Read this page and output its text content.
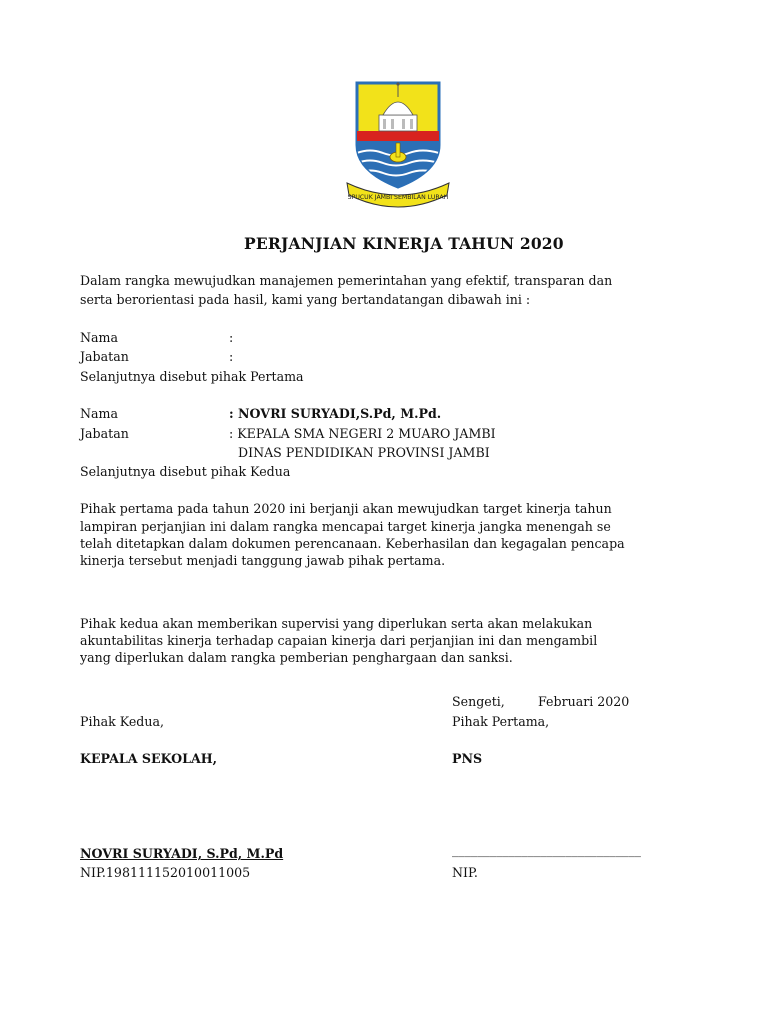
SPUCUK JAMBI SEMBILAN LURAH
PERJANJIAN KINERJA TAHUN 2020
Dalam rangka mewujudkan manajemen pemerintahan yang efektif, transparan dan
serta berorientasi pada hasil, kami yang bertandatangan dibawah ini :
Nama	:
Jabatan	:
Selanjutnya disebut pihak Pertama
Nama	: NOVRI SURYADI,S.Pd, M.Pd.
Jabatan	: KEPALA SMA NEGERI 2 MUARO JAMBI
DINAS PENDIDIKAN PROVINSI JAMBI
Selanjutnya disebut pihak Kedua
Pihak pertama pada tahun 2020 ini berjanji akan mewujudkan target kinerja tahun
lampiran perjanjian ini dalam rangka mencapai target kinerja jangka menengah se
telah ditetapkan dalam dokumen perencanaan. Keberhasilan dan kegagalan pencapa
kinerja tersebut menjadi tanggung jawab pihak pertama.
Pihak kedua akan memberikan supervisi yang diperlukan serta akan melakukan
akuntabilitas kinerja terhadap capaian kinerja dari perjanjian ini dan mengambil
yang diperlukan dalam rangka pemberian penghargaan dan sanksi.
Sengeti,	Februari 2020
Pihak Kedua,	Pihak Pertama,
KEPALA SEKOLAH,	PNS
NOVRI SURYADI, S.Pd, M.Pd	______________________________
NIP.198111152010011005	NIP.
